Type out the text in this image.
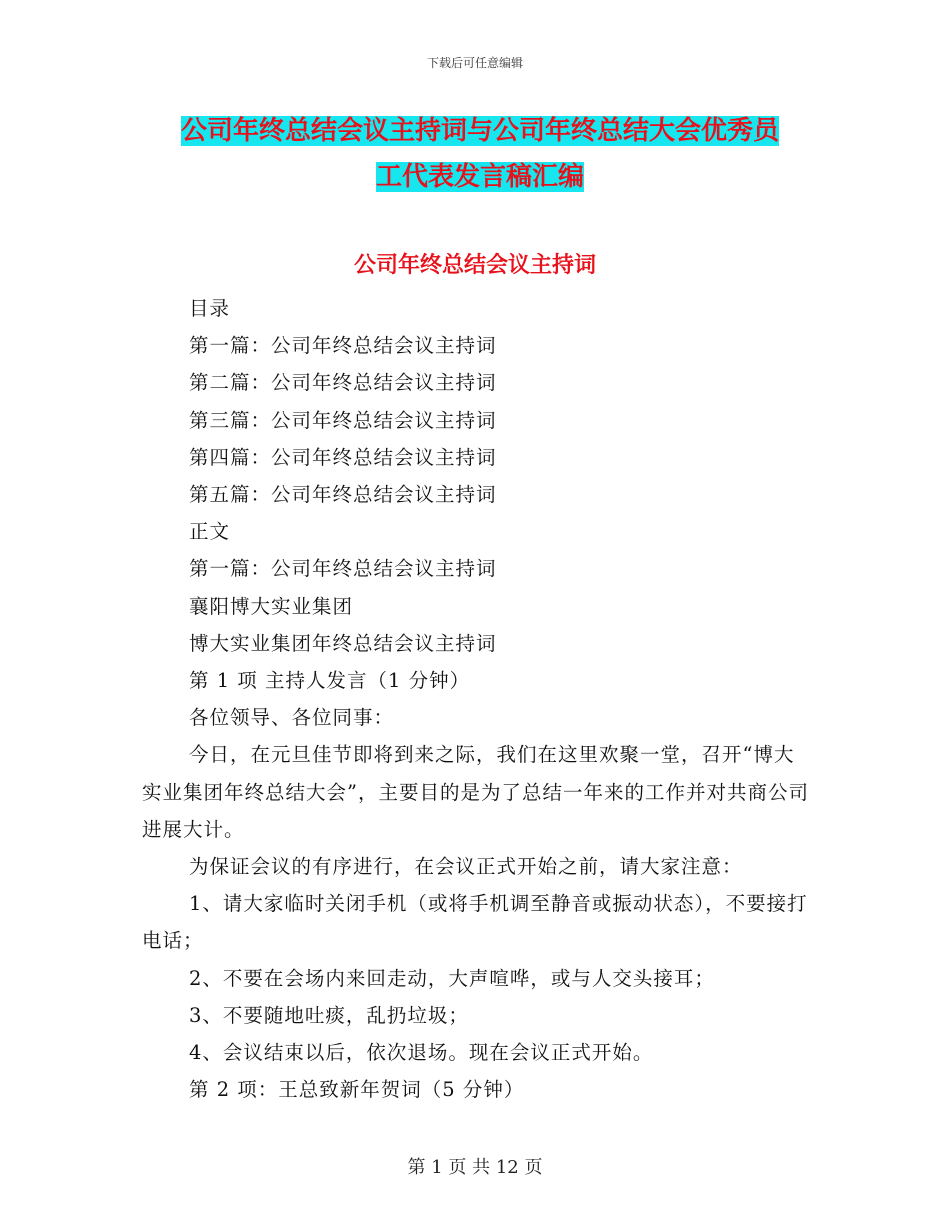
下载后可任意编辑
公司年终总结会议主持词与公司年终总结大会优秀员
工代表发言稿汇编
公司年终总结会议主持词

目录

第一篇：公司年终总结会议主持词

第二篇：公司年终总结会议主持词

第三篇：公司年终总结会议主持词

第四篇：公司年终总结会议主持词

第五篇：公司年终总结会议主持词

正文

第一篇：公司年终总结会议主持词

襄阳博大实业集团

博大实业集团年终总结会议主持词

第 1 项 主持人发言（1 分钟）

各位领导、各位同事：

今日，在元旦佳节即将到来之际，我们在这里欢聚一堂，召开“博大实业集团年终总结大会”，主要目的是为了总结一年来的工作并对共商公司进展大计。

为保证会议的有序进行，在会议正式开始之前，请大家注意：

1、请大家临时关闭手机（或将手机调至静音或振动状态），不要接打电话；

2、不要在会场内来回走动，大声喧哗，或与人交头接耳；

3、不要随地吐痰，乱扔垃圾；

4、会议结束以后，依次退场。现在会议正式开始。

第 2 项：王总致新年贺词（5 分钟）

第 1 页 共 12 页
